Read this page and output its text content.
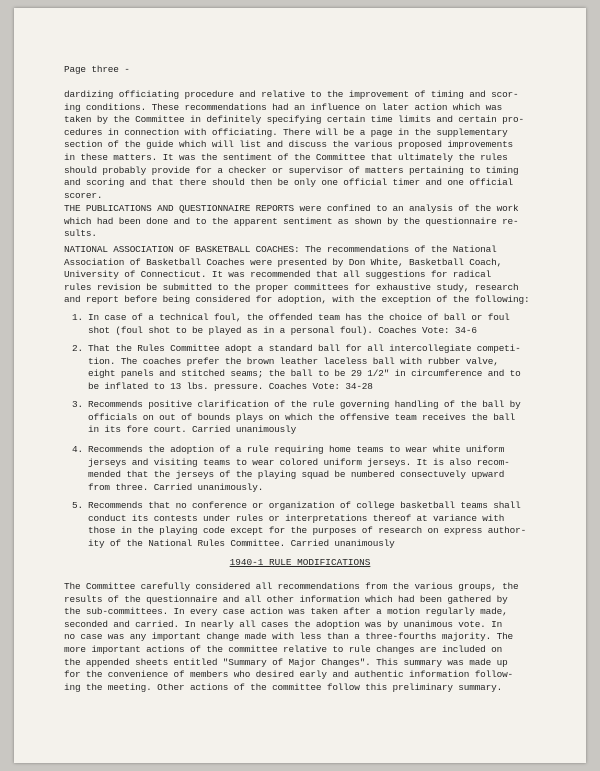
Page three -
dardizing officiating procedure and relative to the improvement of timing and scor-
ing conditions. These recommendations had an influence on later action which was
taken by the Committee in definitely specifying certain time limits and certain pro-
cedures in connection with officiating. There will be a page in the supplementary
section of the guide which will list and discuss the various proposed improvements
in these matters. It was the sentiment of the Committee that ultimately the rules
should probably provide for a checker or supervisor of matters pertaining to timing
and scoring and that there should then be only one official timer and one official
scorer.
THE PUBLICATIONS AND QUESTIONNAIRE REPORTS were confined to an analysis of the work
which had been done and to the apparent sentiment as shown by the questionnaire re-
sults.
NATIONAL ASSOCIATION OF BASKETBALL COACHES: The recommendations of the National
Association of Basketball Coaches were presented by Don White, Basketball Coach,
University of Connecticut. It was recommended that all suggestions for radical
rules revision be submitted to the proper committees for exhaustive study, research
and report before being considered for adoption, with the exception of the following:
1. In case of a technical foul, the offended team has the choice of ball or foul
shot (foul shot to be played as in a personal foul). Coaches Vote: 34-6
2. That the Rules Committee adopt a standard ball for all intercollegiate competi-
tion. The coaches prefer the brown leather laceless ball with rubber valve,
eight panels and stitched seams; the ball to be 29 1/2" in circumference and to
be inflated to 13 lbs. pressure. Coaches Vote: 34-28
3. Recommends positive clarification of the rule governing handling of the ball by
officials on out of bounds plays on which the offensive team receives the ball
in its fore court. Carried unanimously
4. Recommends the adoption of a rule requiring home teams to wear white uniform
jerseys and visiting teams to wear colored uniform jerseys. It is also recom-
mended that the jerseys of the playing squad be numbered consectuvely upward
from three. Carried unanimously.
5. Recommends that no conference or organization of college basketball teams shall
conduct its contests under rules or interpretations thereof at variance with
those in the playing code except for the purposes of research on express author-
ity of the National Rules Committee. Carried unanimously
1940-1 RULE MODIFICATIONS
The Committee carefully considered all recommendations from the various groups, the
results of the questionnaire and all other information which had been gathered by
the sub-committees. In every case action was taken after a motion regularly made,
seconded and carried. In nearly all cases the adoption was by unanimous vote. In
no case was any important change made with less than a three-fourths majority. The
more important actions of the committee relative to rule changes are included on
the appended sheets entitled "Summary of Major Changes". This summary was made up
for the convenience of members who desired early and authentic information follow-
ing the meeting. Other actions of the committee follow this preliminary summary.
